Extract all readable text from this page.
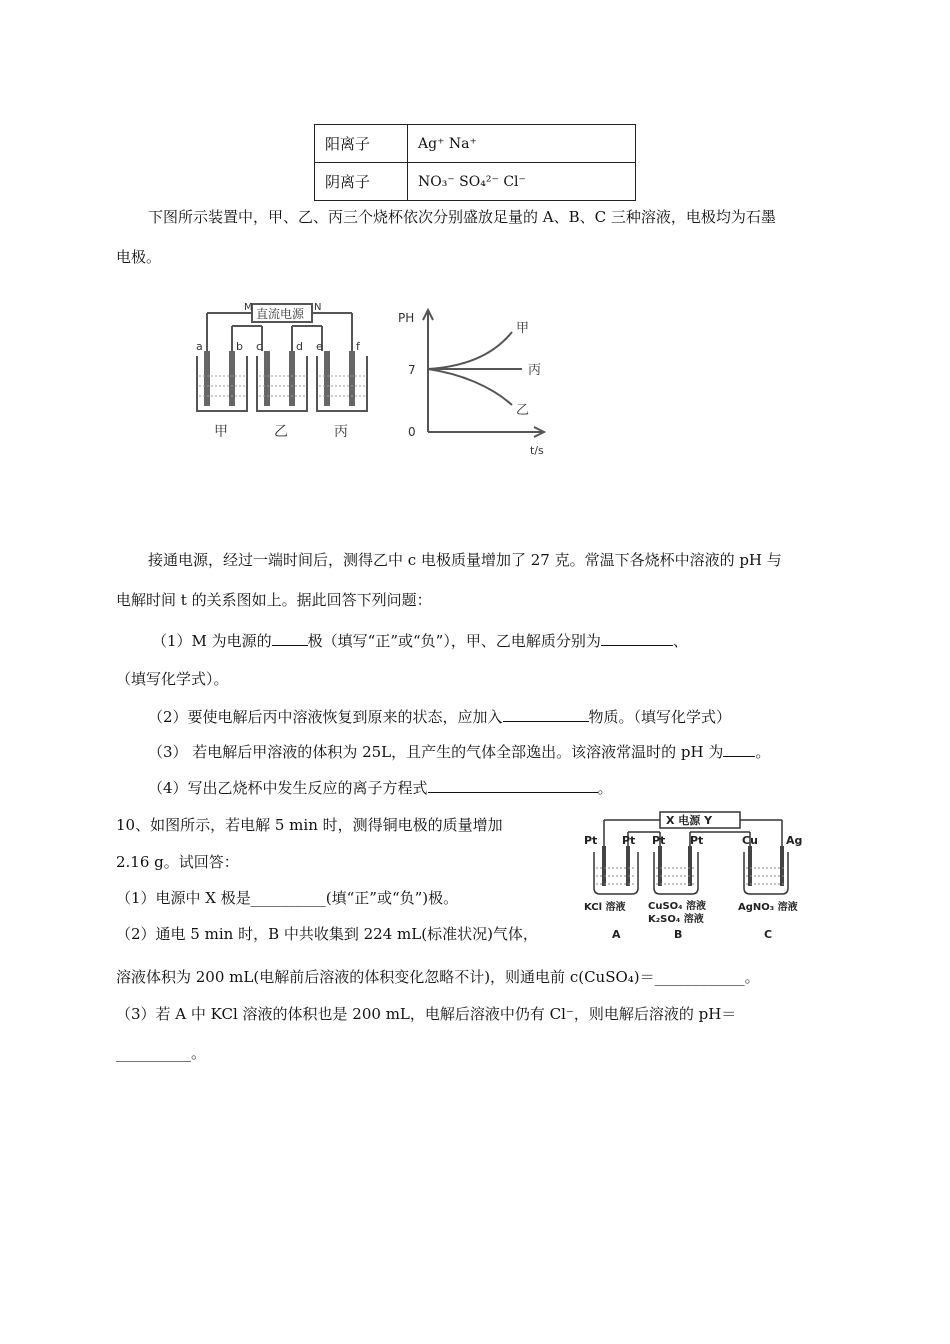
阳离子	Ag⁺ Na⁺
阴离子	NO₃⁻ SO₄²⁻ Cl⁻
下图所示装置中，甲、乙、丙三个烧杯依次分别盛放足量的 A、B、C 三种溶液，电极均为石墨
电极。
直流电源
M	N
a	b c	d e	f
甲	乙	丙
PH
7
0
t/s
甲
丙
乙
接通电源，经过一端时间后，测得乙中 c 电极质量增加了 27 克。常温下各烧杯中溶液的 pH 与
电解时间 t 的关系图如上。据此回答下列问题：
（1）M 为电源的 极（填写“正”或“负”），甲、乙电解质分别为	、
（填写化学式）。
（2）要使电解后丙中溶液恢复到原来的状态，应加入	物质。（填写化学式）
（3） 若电解后甲溶液的体积为 25L，且产生的气体全部逸出。该溶液常温时的 pH 为 。
（4）写出乙烧杯中发生反应的离子方程式	。
10、如图所示，若电解 5 min 时，测得铜电极的质量增加
2.16 g。试回答：
（1）电源中 X 极是__________(填“正”或“负”)极。
（2）通电 5 min 时，B 中共收集到 224 mL(标准状况)气体，
溶液体积为 200 mL(电解前后溶液的体积变化忽略不计)，则通电前 c(CuSO₄)＝____________。
（3）若 A 中 KCl 溶液的体积也是 200 mL，电解后溶液中仍有 Cl⁻，则电解后溶液的 pH＝
__________。
X 电源 Y
Pt Pt Pt Pt	Cu	Ag
KCl 溶液 CuSO₄ 溶液
K₂SO₄ 溶液
AgNO₃ 溶液
A	B	C
